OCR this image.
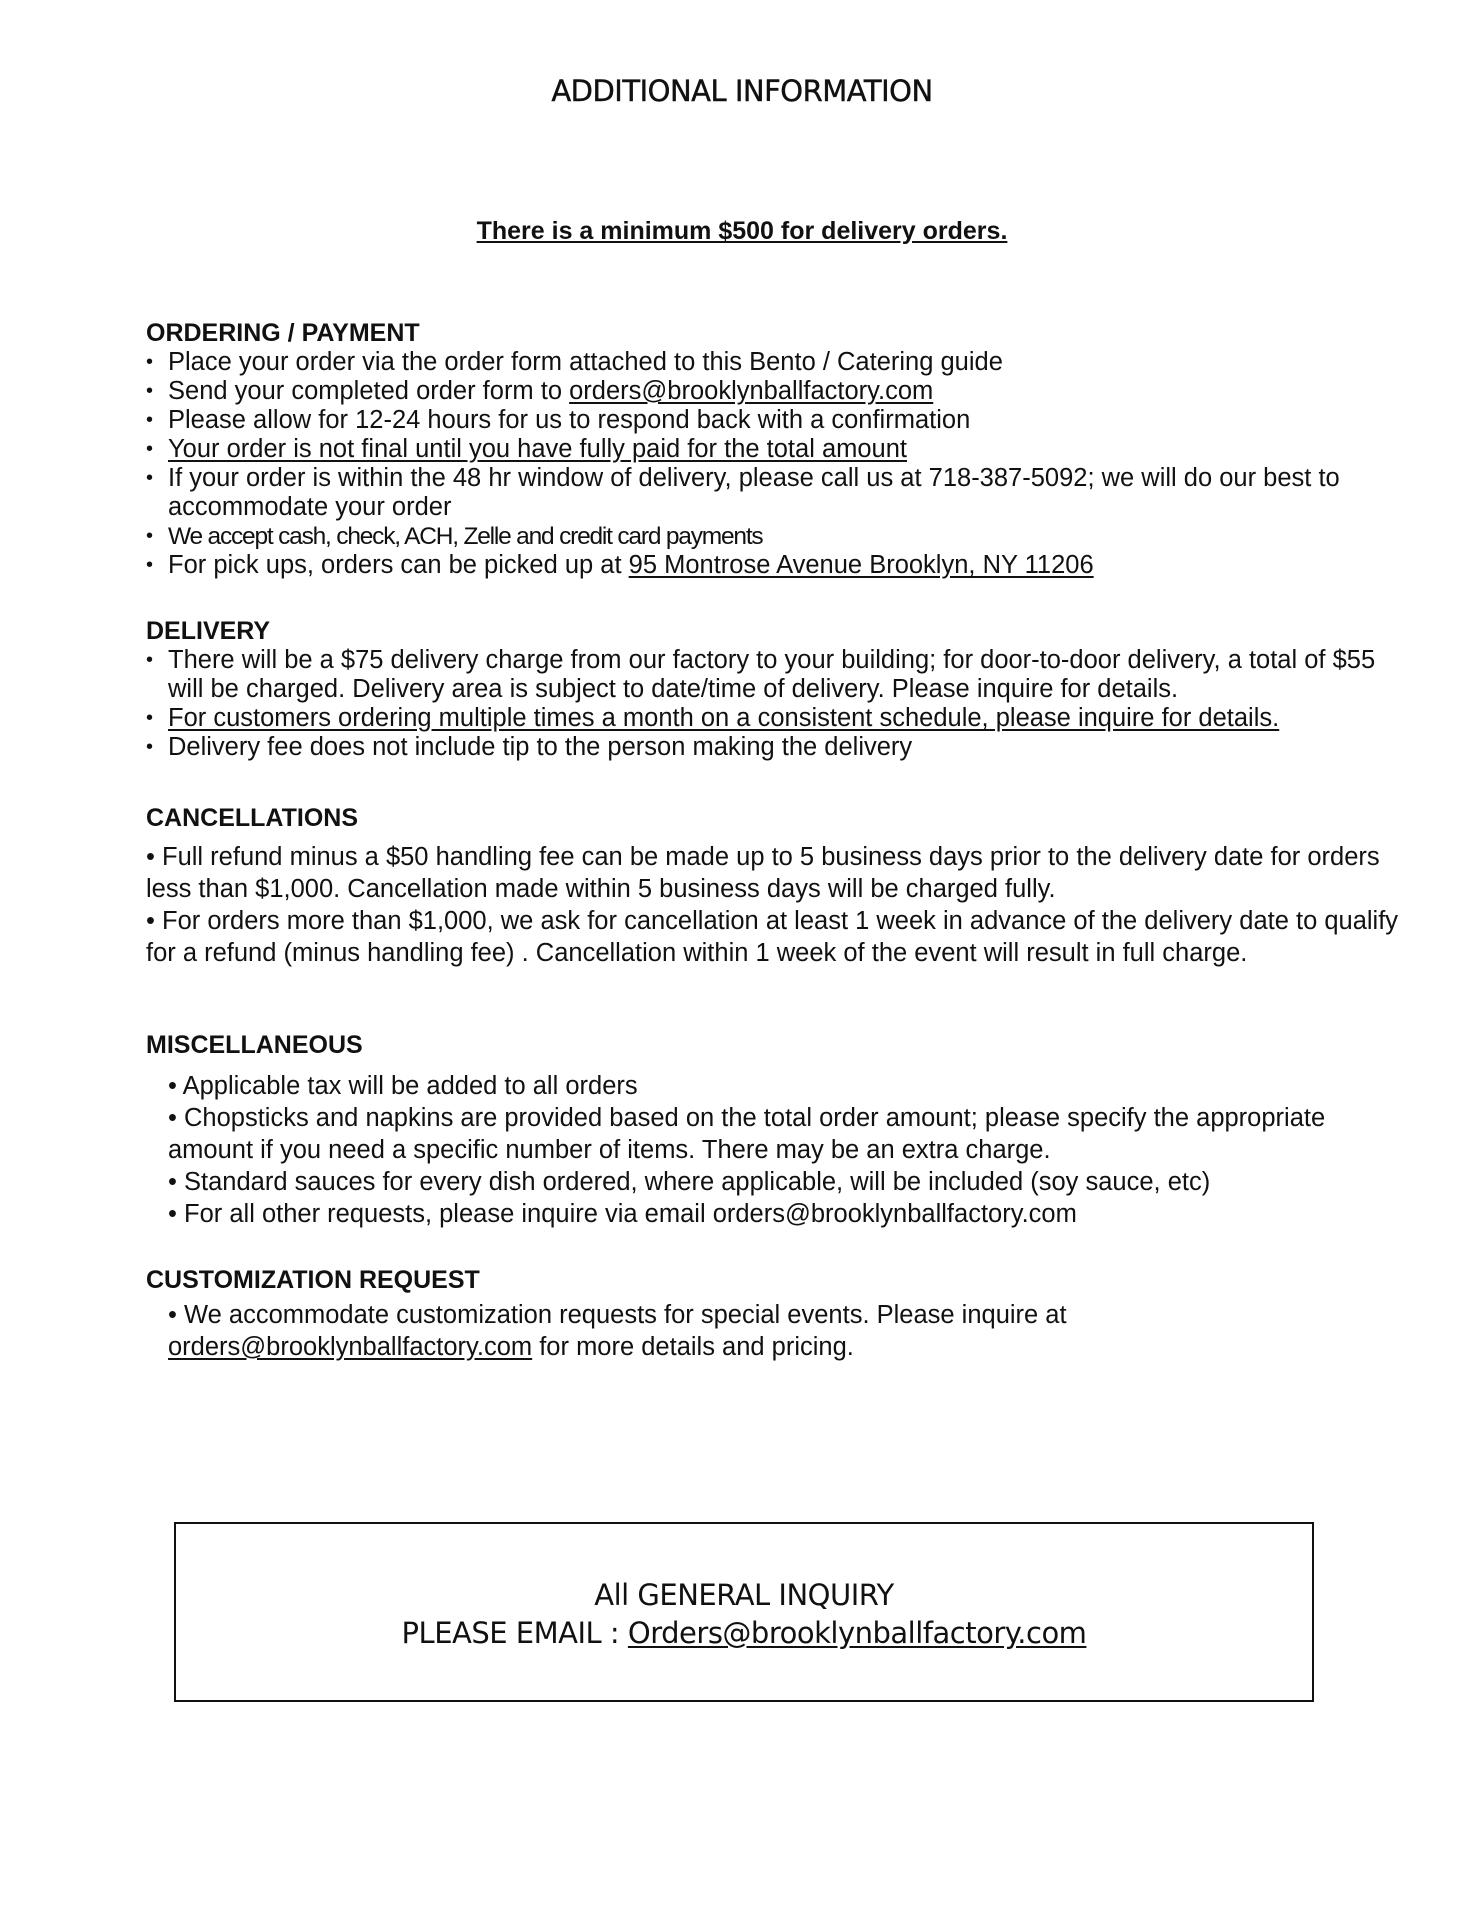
ADDITIONAL INFORMATION
There is a minimum $500 for delivery orders.

ORDERING / PAYMENT

• Place your order via the order form attached to this Bento / Catering guide
• Send your completed order form to orders@brooklynballfactory.com
• Please allow for 12-24 hours for us to respond back with a confirmation
• Your order is not final until you have fully paid for the total amount
• If your order is within the 48 hr window of delivery, please call us at 718-387-5092; we will do our best to accommodate your order
• We accept cash, check, ACH, Zelle and credit card payments
• For pick ups, orders can be picked up at 95 Montrose Avenue Brooklyn, NY 11206

DELIVERY

• There will be a $75 delivery charge from our factory to your building; for door-to-door delivery, a total of $55 will be charged. Delivery area is subject to date/time of delivery. Please inquire for details.
• For customers ordering multiple times a month on a consistent schedule, please inquire for details.
• Delivery fee does not include tip to the person making the delivery

CANCELLATIONS

• Full refund minus a $50 handling fee can be made up to 5 business days prior to the delivery date for orders less than $1,000. Cancellation made within 5 business days will be charged fully.

• For orders more than $1,000, we ask for cancellation at least 1 week in advance of the delivery date to qualify for a refund (minus handling fee) . Cancellation within 1 week of the event will result in full charge.

MISCELLANEOUS

• Applicable tax will be added to all orders

• Chopsticks and napkins are provided based on the total order amount; please specify the appropriate amount if you need a specific number of items. There may be an extra charge.

• Standard sauces for every dish ordered, where applicable, will be included (soy sauce, etc)

• For all other requests, please inquire via email orders@brooklynballfactory.com

CUSTOMIZATION REQUEST

• We accommodate customization requests for special events. Please inquire at

orders@brooklynballfactory.com for more details and pricing.

All GENERAL INQUIRY
PLEASE EMAIL : Orders@brooklynballfactory.com
